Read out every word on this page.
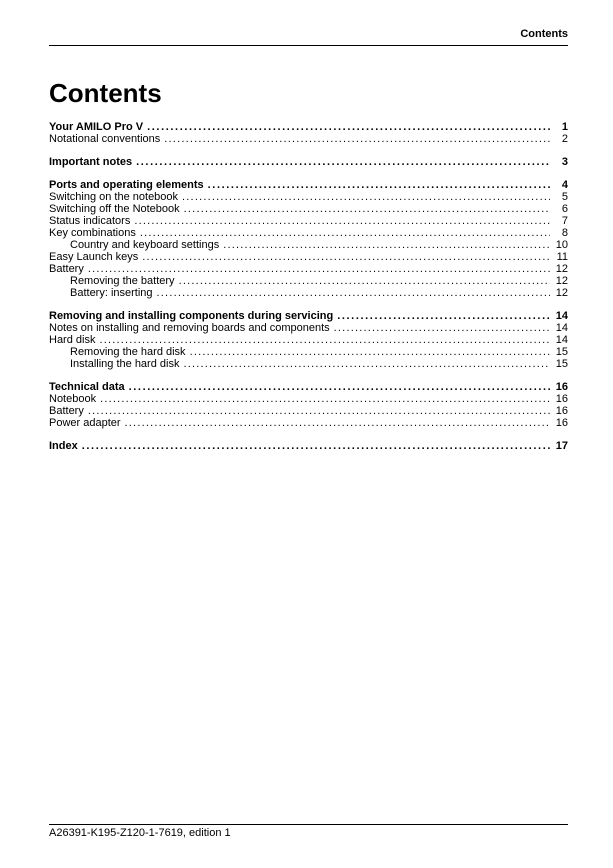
Contents
Contents
Your AMILO Pro V .....	1
Notational conventions .....	2
Important notes .....	3
Ports and operating elements .....	4
Switching on the notebook .....	5
Switching off the Notebook .....	6
Status indicators .....	7
Key combinations .....	8
Country and keyboard settings .....	10
Easy Launch keys .....	11
Battery .....	12
Removing the battery .....	12
Battery: inserting .....	12
Removing and installing components during servicing .....	14
Notes on installing and removing boards and components .....	14
Hard disk .....	14
Removing the hard disk .....	15
Installing the hard disk .....	15
Technical data .....	16
Notebook .....	16
Battery .....	16
Power adapter .....	16
Index .....	17
A26391-K195-Z120-1-7619, edition 1
